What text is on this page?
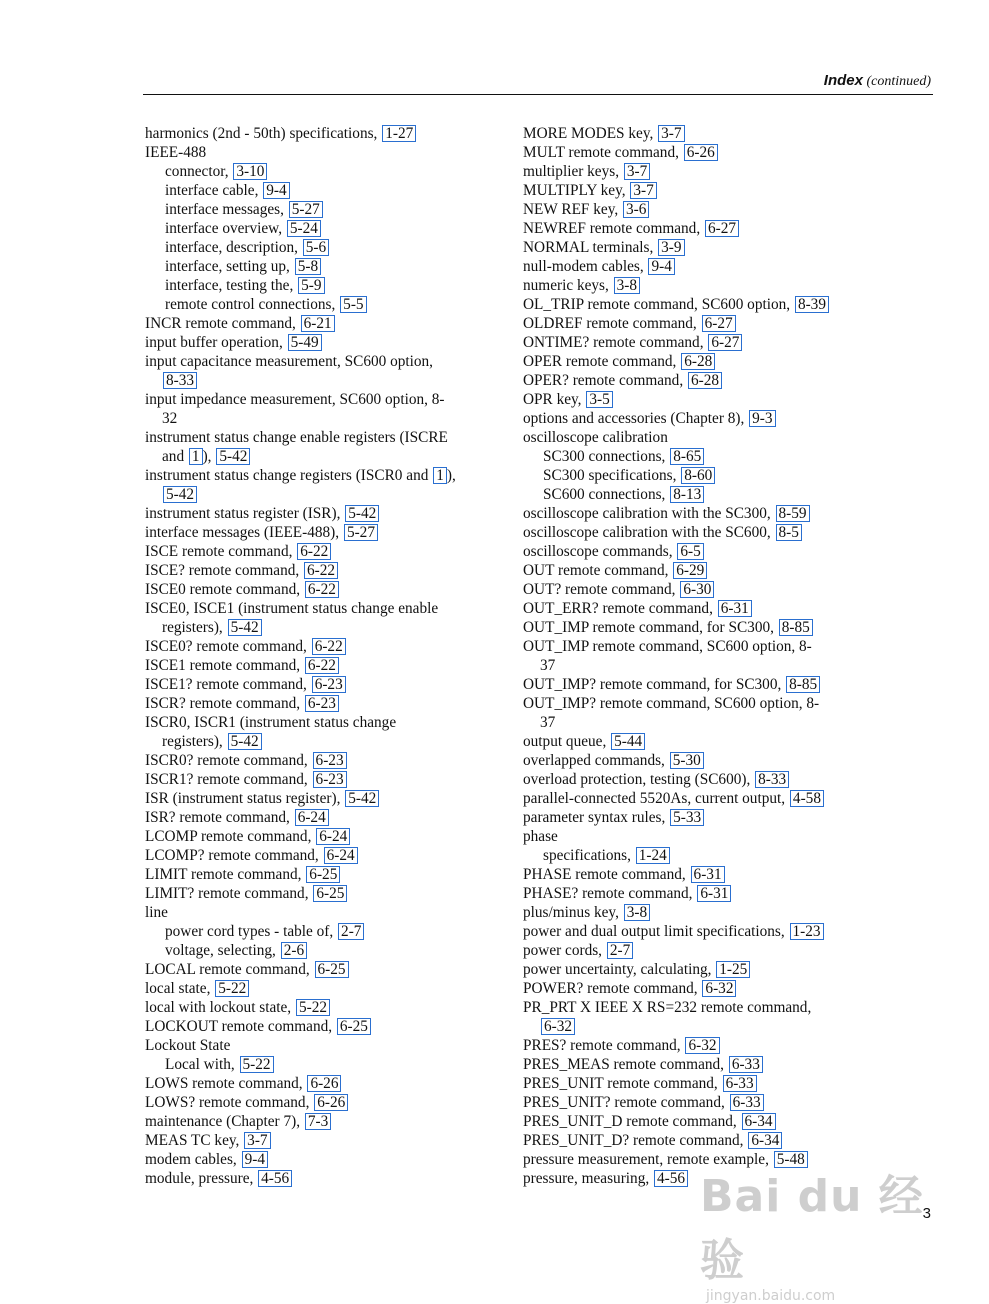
Index (continued)
harmonics (2nd - 50th) specifications, 1-27
IEEE-488
connector, 3-10
interface cable, 9-4
interface messages, 5-27
interface overview, 5-24
interface, description, 5-6
interface, setting up, 5-8
interface, testing the, 5-9
remote control connections, 5-5
INCR remote command, 6-21
input buffer operation, 5-49
input capacitance measurement, SC600 option,
8-33
input impedance measurement, SC600 option, 8-
32
instrument status change enable registers (ISCRE
and 1 ), 5-42
instrument status change registers (ISCR0 and 1 ),
5-42
instrument status register (ISR), 5-42
interface messages (IEEE-488), 5-27
ISCE remote command, 6-22
ISCE? remote command, 6-22
ISCE0 remote command, 6-22
ISCE0, ISCE1 (instrument status change enable
registers), 5-42
ISCE0? remote command, 6-22
ISCE1 remote command, 6-22
ISCE1? remote command, 6-23
ISCR? remote command, 6-23
ISCR0, ISCR1 (instrument status change
registers), 5-42
ISCR0? remote command, 6-23
ISCR1? remote command, 6-23
ISR (instrument status register), 5-42
ISR? remote command, 6-24
LCOMP remote command, 6-24
LCOMP? remote command, 6-24
LIMIT remote command, 6-25
LIMIT? remote command, 6-25
line
power cord types - table of, 2-7
voltage, selecting, 2-6
LOCAL remote command, 6-25
local state, 5-22
local with lockout state, 5-22
LOCKOUT remote command, 6-25
Lockout State
Local with, 5-22
LOWS remote command, 6-26
LOWS? remote command, 6-26
maintenance (Chapter 7), 7-3
MEAS TC key, 3-7
modem cables, 9-4
module, pressure, 4-56
MORE MODES key, 3-7
MULT remote command, 6-26
multiplier keys, 3-7
MULTIPLY key, 3-7
NEW REF key, 3-6
NEWREF remote command, 6-27
NORMAL terminals, 3-9
null-modem cables, 9-4
numeric keys, 3-8
OL_TRIP remote command, SC600 option, 8-39
OLDREF remote command, 6-27
ONTIME? remote command, 6-27
OPER remote command, 6-28
OPER? remote command, 6-28
OPR key, 3-5
options and accessories (Chapter 8), 9-3
oscilloscope calibration
SC300 connections, 8-65
SC300 specifications, 8-60
SC600 connections, 8-13
oscilloscope calibration with the SC300, 8-59
oscilloscope calibration with the SC600, 8-5
oscilloscope commands, 6-5
OUT remote command, 6-29
OUT? remote command, 6-30
OUT_ERR? remote command, 6-31
OUT_IMP remote command, for SC300, 8-85
OUT_IMP remote command, SC600 option, 8-
37
OUT_IMP? remote command, for SC300, 8-85
OUT_IMP? remote command, SC600 option, 8-
37
output queue, 5-44
overlapped commands, 5-30
overload protection, testing (SC600), 8-33
parallel-connected 5520As, current output, 4-58
parameter syntax rules, 5-33
phase
specifications, 1-24
PHASE remote command, 6-31
PHASE? remote command, 6-31
plus/minus key, 3-8
power and dual output limit specifications, 1-23
power cords, 2-7
power uncertainty, calculating, 1-25
POWER? remote command, 6-32
PR_PRT X IEEE X RS=232 remote command,
6-32
PRES? remote command, 6-32
PRES_MEAS remote command, 6-33
PRES_UNIT remote command, 6-33
PRES_UNIT? remote command, 6-33
PRES_UNIT_D remote command, 6-34
PRES_UNIT_D? remote command, 6-34
pressure measurement, remote example, 5-48
pressure, measuring, 4-56
3
Bai du 经验
jingyan.baidu.com
